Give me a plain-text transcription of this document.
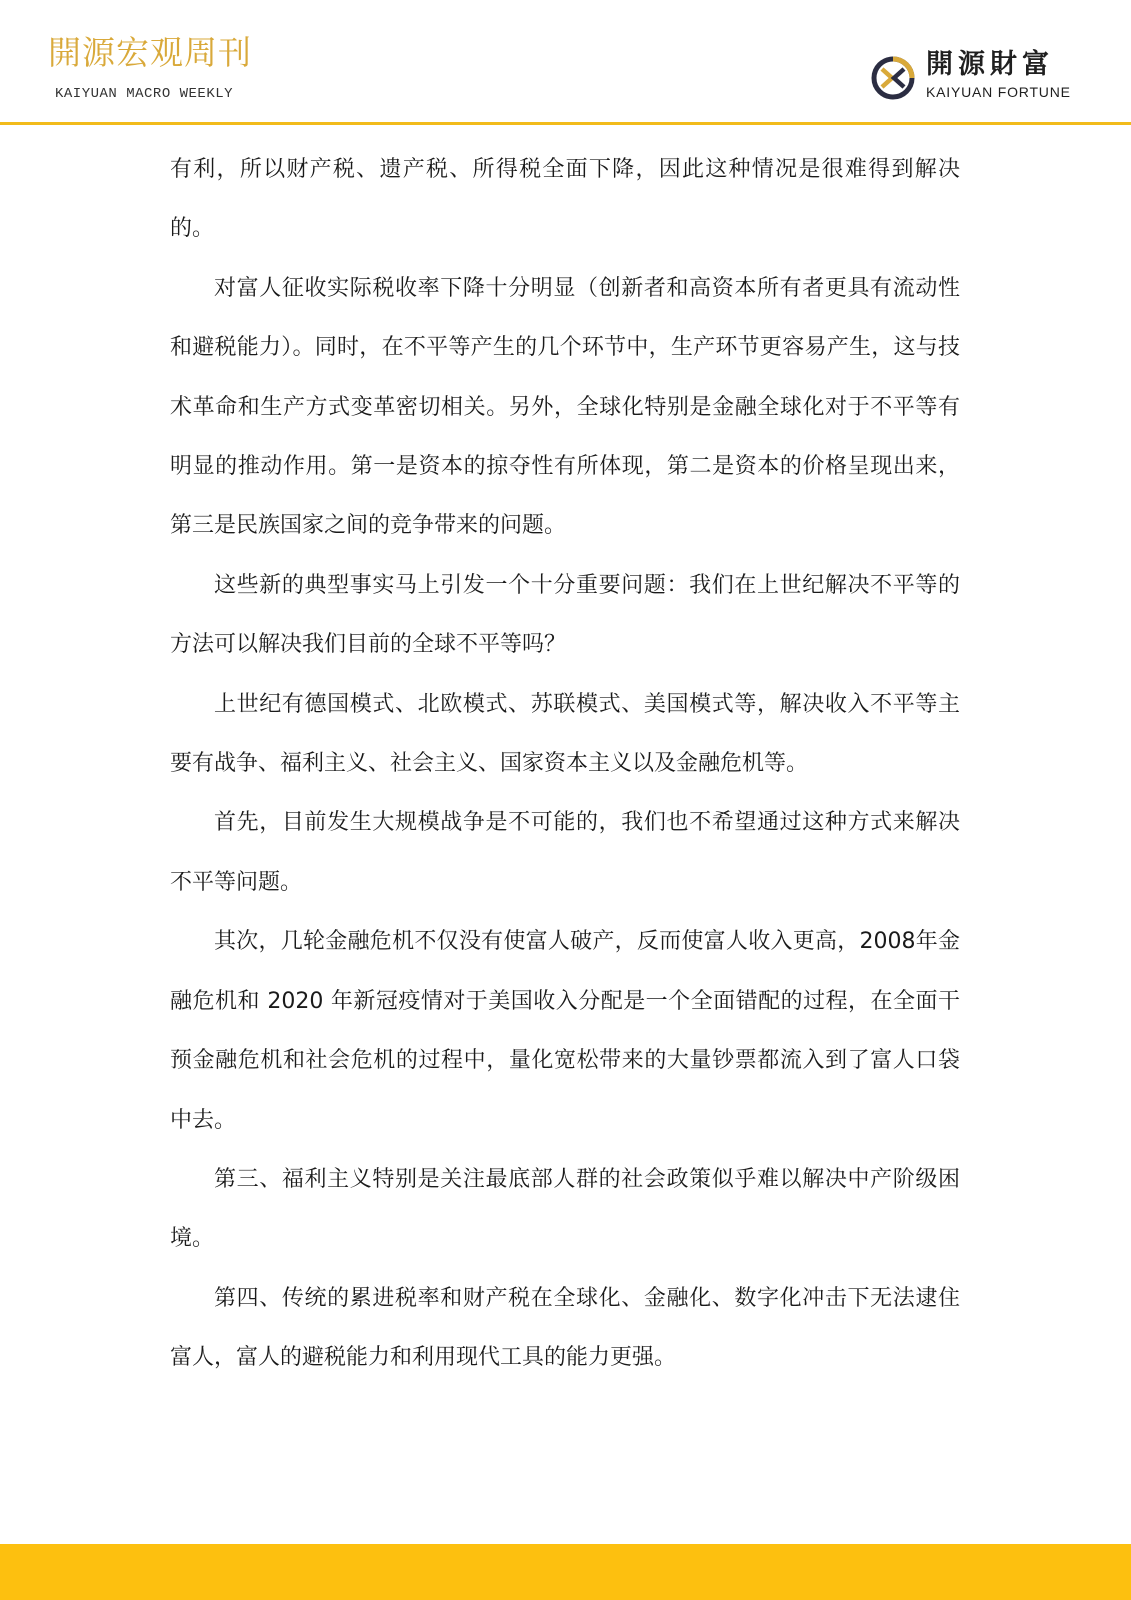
開源宏观周刊
KAIYUAN MACRO WEEKLY
開源財富
KAIYUAN FORTUNE

有利，所以财产税、遗产税、所得税全面下降，因此这种情况是很难得到解决的。

对富人征收实际税收率下降十分明显（创新者和高资本所有者更具有流动性和避税能力）。同时，在不平等产生的几个环节中，生产环节更容易产生，这与技术革命和生产方式变革密切相关。另外，全球化特别是金融全球化对于不平等有明显的推动作用。第一是资本的掠夺性有所体现，第二是资本的价格呈现出来，第三是民族国家之间的竞争带来的问题。

这些新的典型事实马上引发一个十分重要问题：我们在上世纪解决不平等的方法可以解决我们目前的全球不平等吗？

上世纪有德国模式、北欧模式、苏联模式、美国模式等，解决收入不平等主要有战争、福利主义、社会主义、国家资本主义以及金融危机等。

首先，目前发生大规模战争是不可能的，我们也不希望通过这种方式来解决不平等问题。

其次，几轮金融危机不仅没有使富人破产，反而使富人收入更高，2008年金融危机和 2020 年新冠疫情对于美国收入分配是一个全面错配的过程，在全面干预金融危机和社会危机的过程中，量化宽松带来的大量钞票都流入到了富人口袋中去。

第三、福利主义特别是关注最底部人群的社会政策似乎难以解决中产阶级困境。

第四、传统的累进税率和财产税在全球化、金融化、数字化冲击下无法逮住富人，富人的避税能力和利用现代工具的能力更强。
